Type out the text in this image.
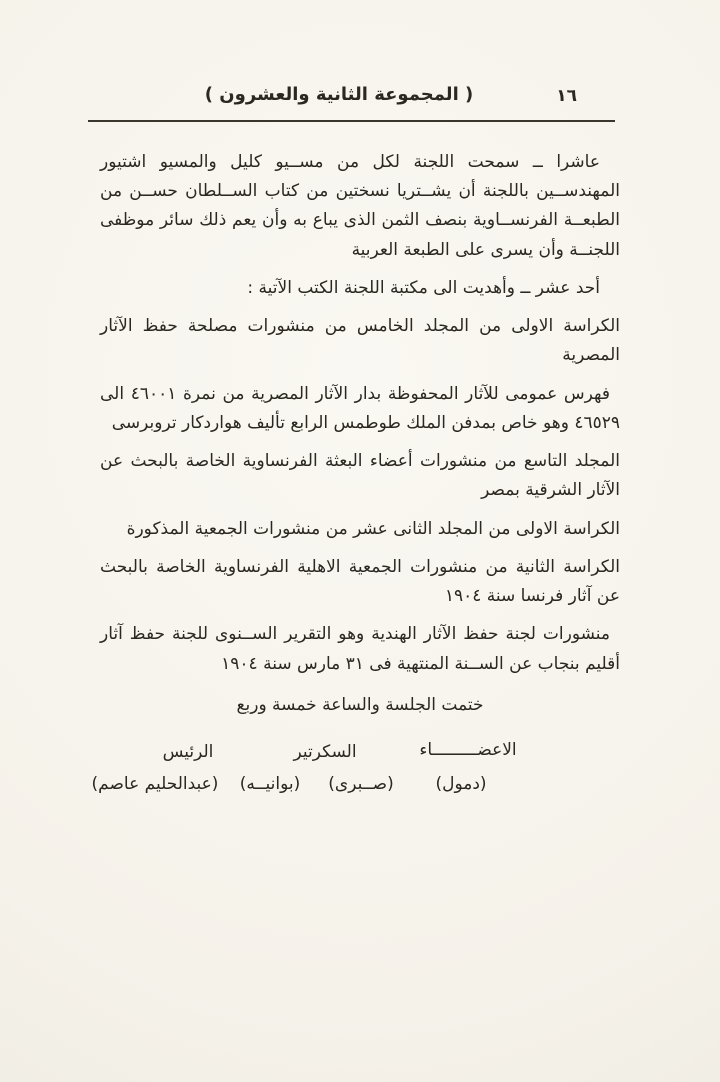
( المجموعة الثانية والعشرون )	١٦

عاشرا ــ سمحت اللجنة لكل من مســيو كليل والمسيو اشتيور المهندســين باللجنة أن يشــتريا نسختين من كتاب الســلطان حســن من الطبعــة الفرنســاوية بنصف الثمن الذى يباع به وأن يعم ذلك سائر موظفى اللجنــة وأن يسرى على الطبعة العربية

أحد عشر ــ وأهديت الى مكتبة اللجنة الكتب الآتية :

الكراسة الاولى من المجلد الخامس من منشورات مصلحة حفظ الآثار المصرية

فهرس عمومى للآثار المحفوظة بدار الآثار المصرية من نمرة ٤٦٠٠١ الى ٤٦٥٢٩ وهو خاص بمدفن الملك طوطمس الرابع تأليف هواردكار تروبرسى

المجلد التاسع من منشورات أعضاء البعثة الفرنساوية الخاصة بالبحث عن الآثار الشرقية بمصر

الكراسة الاولى من المجلد الثانى عشر من منشورات الجمعية المذكورة

الكراسة الثانية من منشورات الجمعية الاهلية الفرنساوية الخاصة بالبحث عن آثار فرنسا سنة ١٩٠٤

منشورات لجنة حفظ الآثار الهندية وهو التقرير الســنوى للجنة حفظ آثار أقليم بنجاب عن الســنة المنتهية فى ٣١ مارس سنة ١٩٠٤

ختمت الجلسة والساعة خمسة وربع

الاعضـــــــــاء
السكرتير
الرئيس
(دمول)
(صــبرى)
(بوانيــه)
(عبدالحليم عاصم)
